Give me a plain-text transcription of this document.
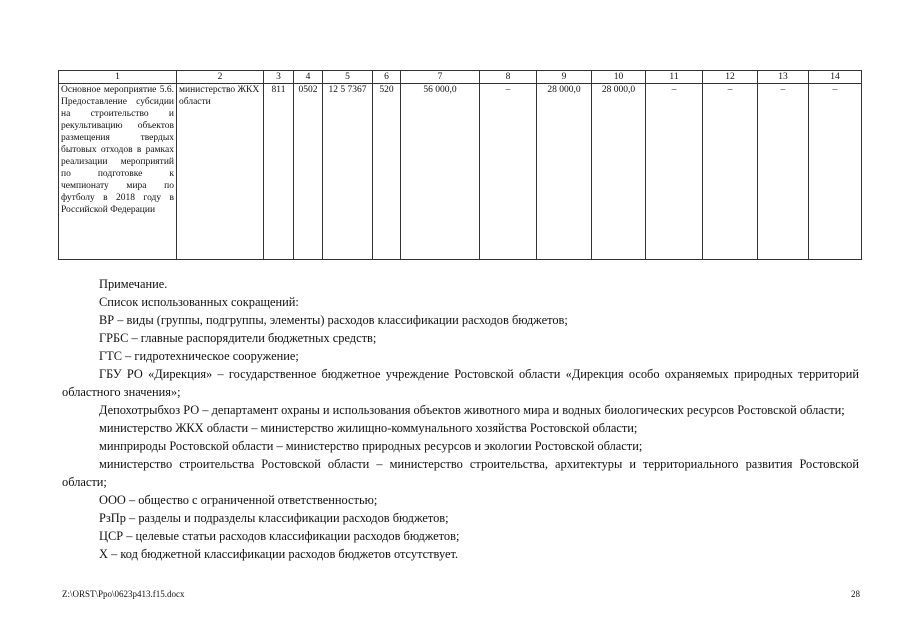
1	2	3	4	5	6	7	8	9	10	11	12	13	14
Основное мероприятие 5.6. Предоставление субсидии на строительство и рекультивацию объектов размещения твердых бытовых отходов в рамках реализации мероприятий по подготовке к чемпионату мира по футболу в 2018 году в Российской Федерации	министерство ЖКХ области	811	0502	12 5 7367	520	56 000,0	–	28 000,0	28 000,0	–	–	–	–

Примечание.

Список использованных сокращений:

ВР – виды (группы, подгруппы, элементы) расходов классификации расходов бюджетов;

ГРБС – главные распорядители бюджетных средств;

ГТС – гидротехническое сооружение;

ГБУ РО «Дирекция» – государственное бюджетное учреждение Ростовской области «Дирекция особо охраняемых природных территорий областного значения»;

Депохотрыбхоз РО – департамент охраны и использования объектов животного мира и водных биологических ресурсов Ростовской области;

министерство ЖКХ области – министерство жилищно-коммунального хозяйства Ростовской области;

минприроды Ростовской области – министерство природных ресурсов и экологии Ростовской области;

министерство строительства Ростовской области – министерство строительства, архитектуры и территориального развития Ростовской области;

ООО – общество с ограниченной ответственностью;

РзПр – разделы и подразделы классификации расходов бюджетов;

ЦСР – целевые статьи расходов классификации расходов бюджетов;

Х – код бюджетной классификации расходов бюджетов отсутствует.

Z:\ORST\Ppo\0623p413.f15.docx	28
